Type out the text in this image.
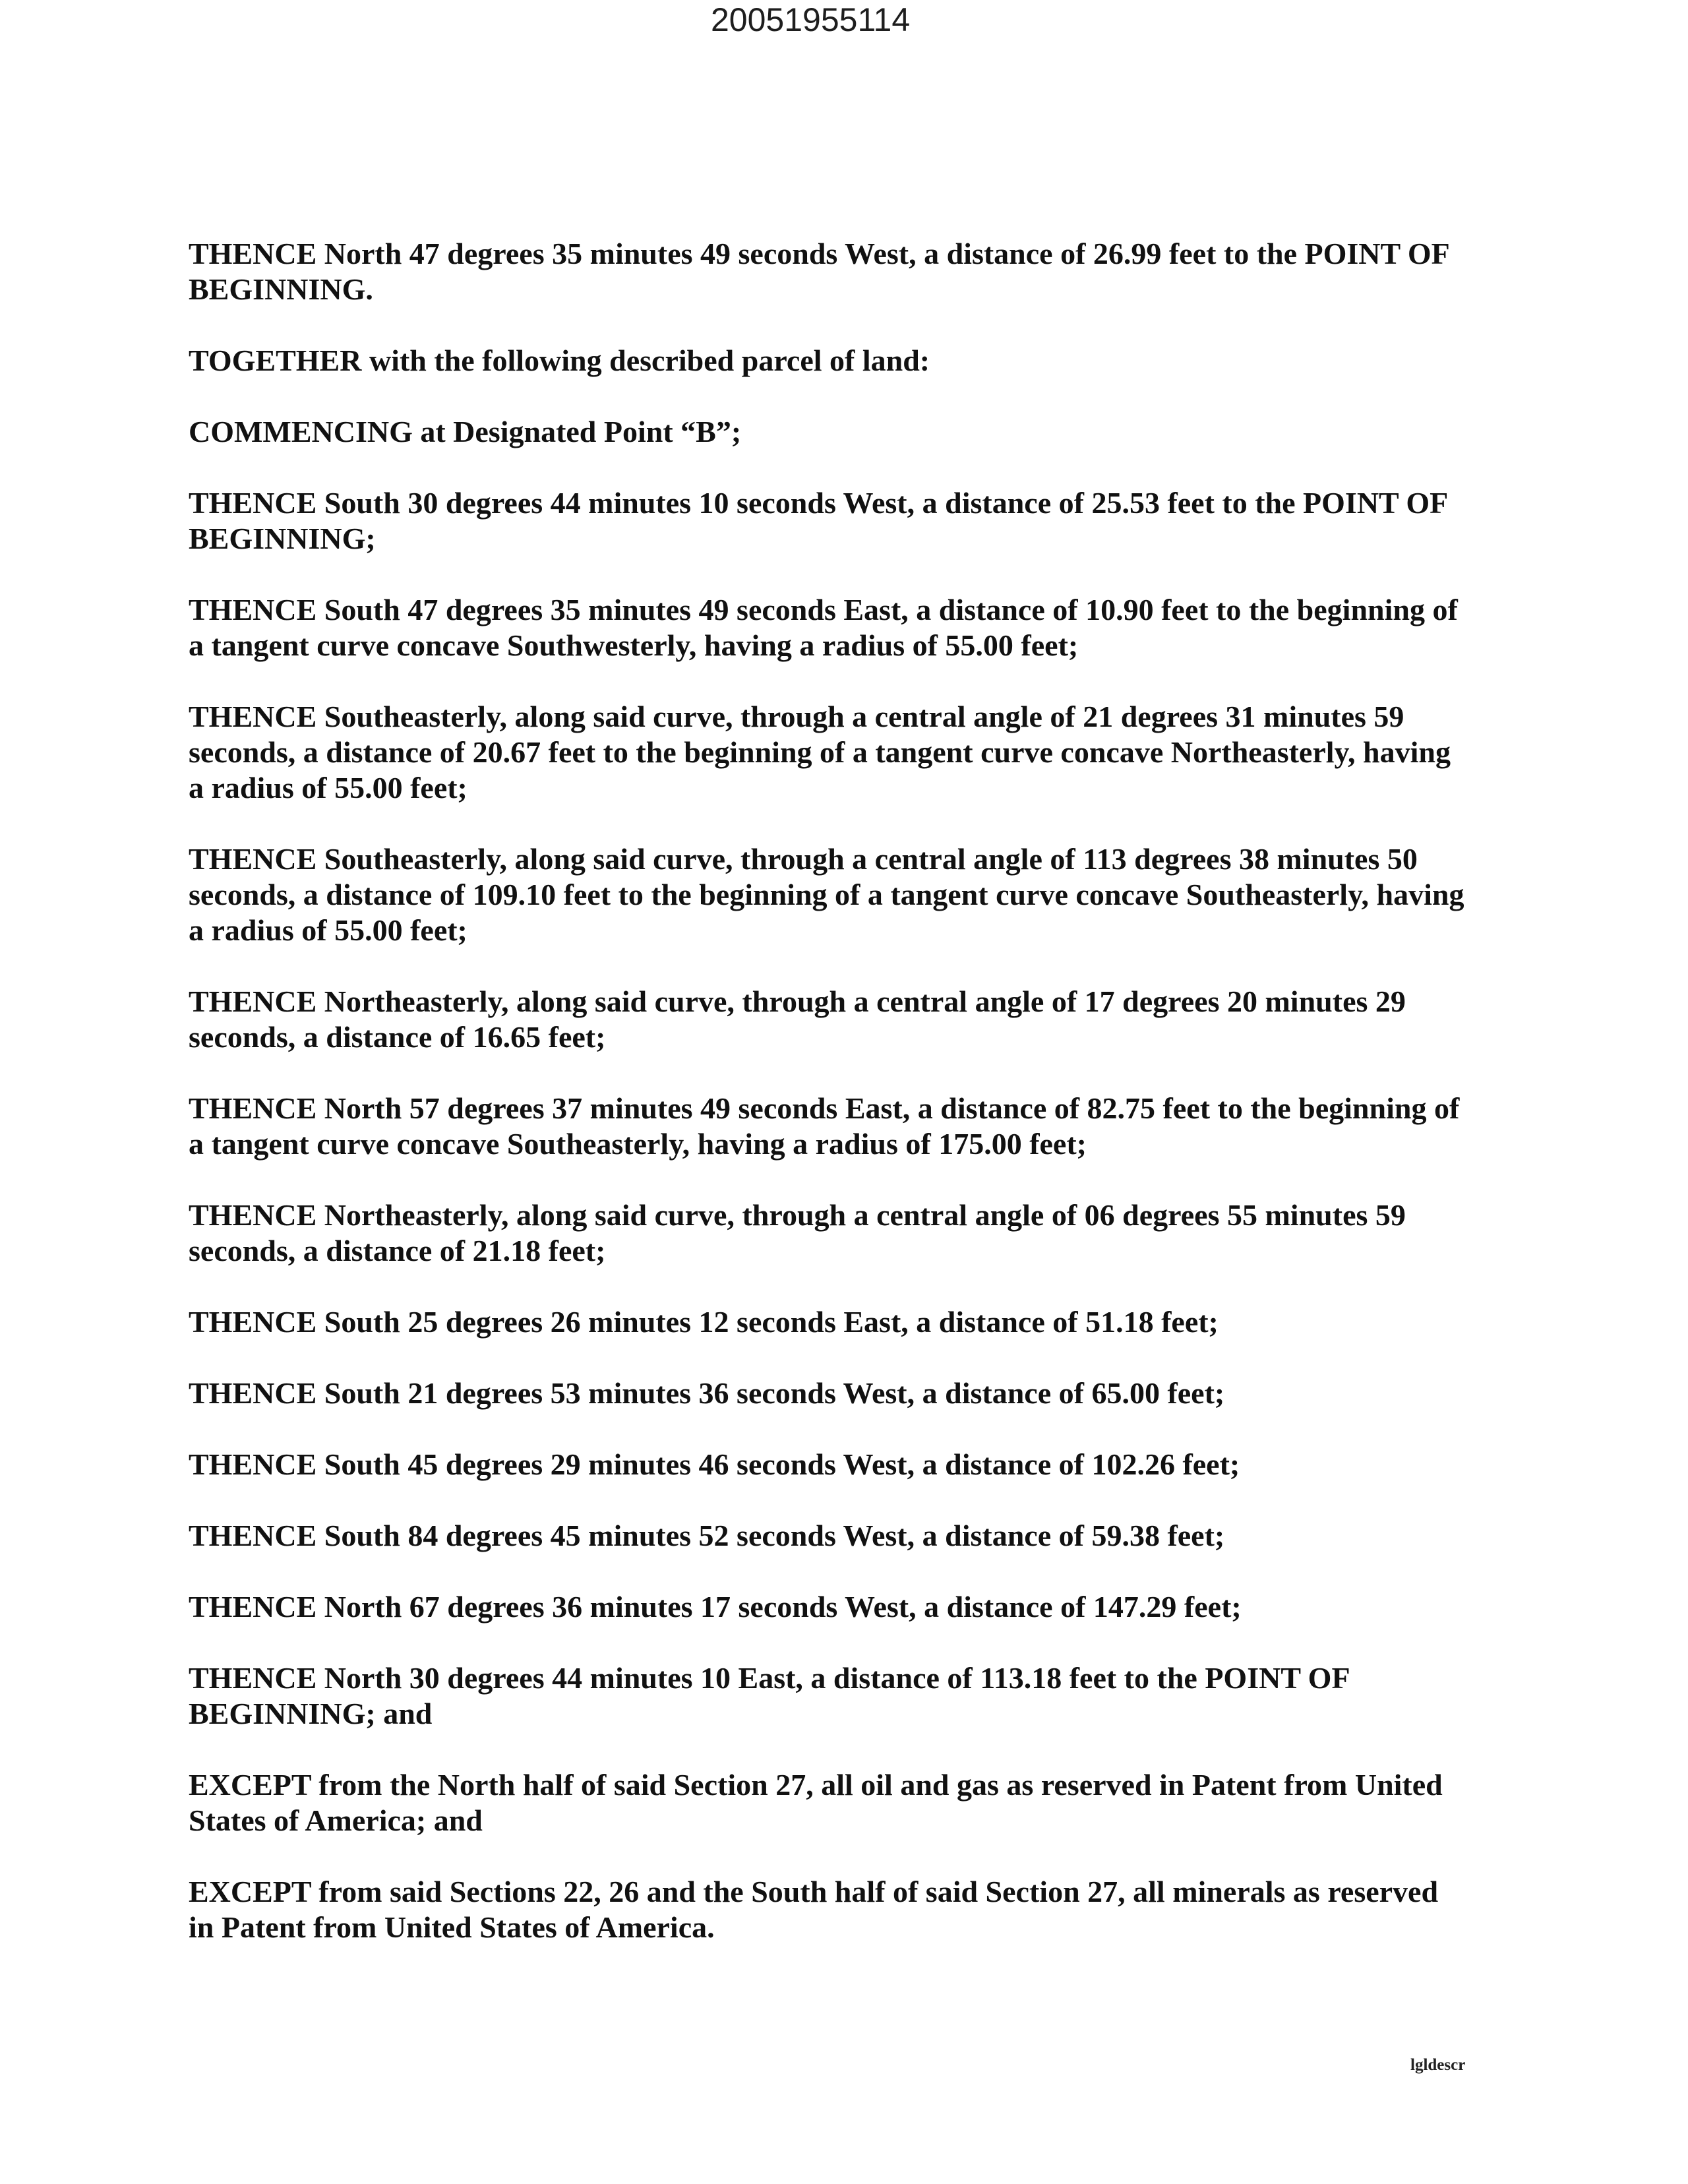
20051955114

THENCE North 47 degrees 35 minutes 49 seconds West, a distance of 26.99 feet to the POINT OF
BEGINNING.

TOGETHER with the following described parcel of land:

COMMENCING at Designated Point “B”;

THENCE South 30 degrees 44 minutes 10 seconds West, a distance of 25.53 feet to the POINT OF
BEGINNING;

THENCE South 47 degrees 35 minutes 49 seconds East, a distance of 10.90 feet to the beginning of
a tangent curve concave Southwesterly, having a radius of 55.00 feet;

THENCE Southeasterly, along said curve, through a central angle of 21 degrees 31 minutes 59
seconds, a distance of 20.67 feet to the beginning of a tangent curve concave Northeasterly, having
a radius of 55.00 feet;

THENCE Southeasterly, along said curve, through a central angle of 113 degrees 38 minutes 50
seconds, a distance of 109.10 feet to the beginning of a tangent curve concave Southeasterly, having
a radius of 55.00 feet;

THENCE Northeasterly, along said curve, through a central angle of 17 degrees 20 minutes 29
seconds, a distance of 16.65 feet;

THENCE North 57 degrees 37 minutes 49 seconds East, a distance of 82.75 feet to the beginning of
a tangent curve concave Southeasterly, having a radius of 175.00 feet;

THENCE Northeasterly, along said curve, through a central angle of 06 degrees 55 minutes 59
seconds, a distance of 21.18 feet;

THENCE South 25 degrees 26 minutes 12 seconds East, a distance of 51.18 feet;

THENCE South 21 degrees 53 minutes 36 seconds West, a distance of 65.00 feet;

THENCE South 45 degrees 29 minutes 46 seconds West, a distance of 102.26 feet;

THENCE South 84 degrees 45 minutes 52 seconds West, a distance of 59.38 feet;

THENCE North 67 degrees 36 minutes 17 seconds West, a distance of 147.29 feet;

THENCE North 30 degrees 44 minutes 10 East, a distance of 113.18 feet to the POINT OF
BEGINNING; and

EXCEPT from the North half of said Section 27, all oil and gas as reserved in Patent from United
States of America; and

EXCEPT from said Sections 22, 26 and the South half of said Section 27, all minerals as reserved
in Patent from United States of America.

lgldescr
